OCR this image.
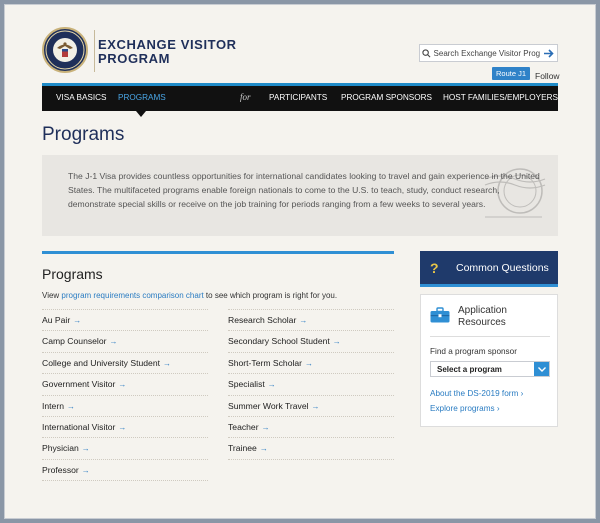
EXCHANGE VISITOR
PROGRAM
Search Exchange Visitor Prog
Route J1	Follow
VISA BASICS PROGRAMS	for PARTICIPANTS PROGRAM SPONSORS HOST FAMILIES/EMPLOYERS
Programs
The J-1 Visa provides countless opportunities for international candidates looking to travel and gain experience in the United States. The multifaceted programs enable foreign nationals to come to the U.S. to teach, study, conduct research, demonstrate special skills or receive on the job training for periods ranging from a few weeks to several years.
Programs
View program requirements comparison chart to see which program is right for you.
Au Pair →
Camp Counselor →
College and University Student →
Government Visitor →
Intern →
International Visitor →
Physician →
Professor →
Research Scholar →
Secondary School Student →
Short-Term Scholar →
Specialist →
Summer Work Travel →
Teacher →
Trainee →
?	Common Questions
Application
Resources
Find a program sponsor
Select a program
About the DS-2019 form ›
Explore programs ›
